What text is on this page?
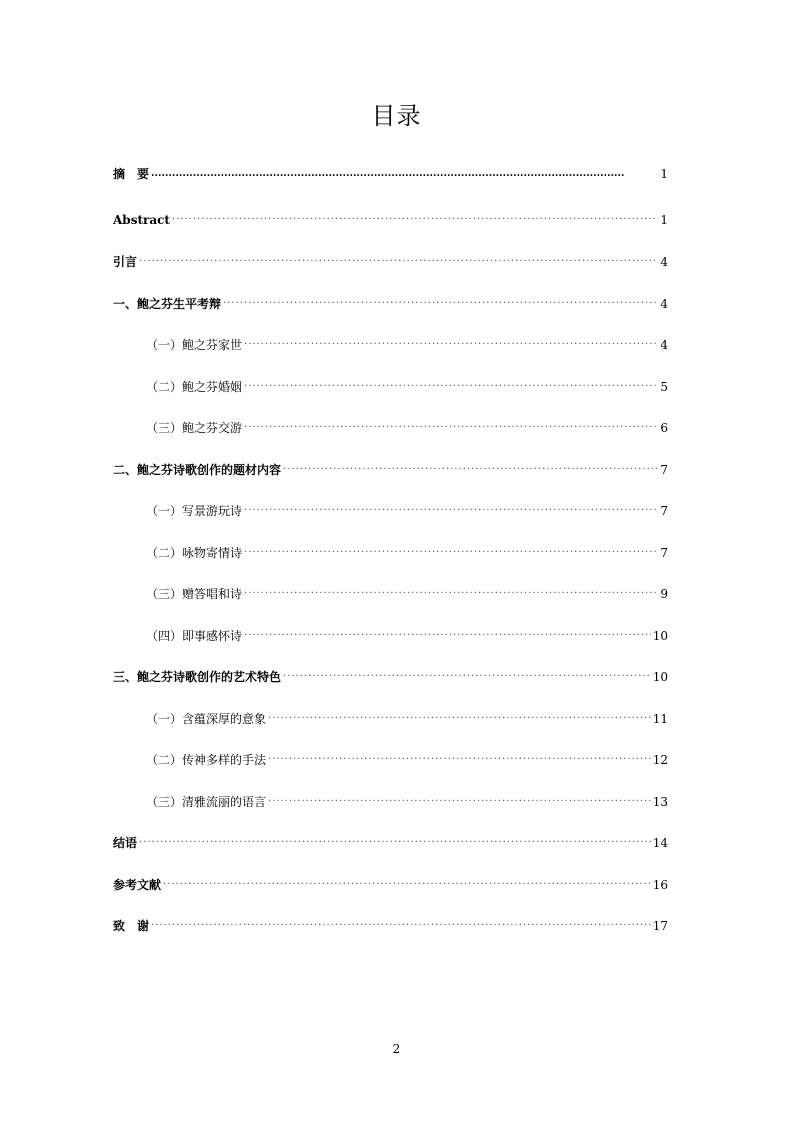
目录
摘　要 .....	1
Abstract ·····	1
引言 ·····	4
一、鲍之芬生平考辩 ·····	4
（一）鲍之芬家世 ·····	4
（二）鲍之芬婚姻 ·····	5
（三）鲍之芬交游 ·····	6
二、鲍之芬诗歌创作的题材内容 ·····	7
（一）写景游玩诗 ·····	7
（二）咏物寄情诗 ·····	7
（三）赠答唱和诗 ·····	9
（四）即事感怀诗 ·····	10
三、鲍之芬诗歌创作的艺术特色 ·····	10
（一）含蕴深厚的意象 ·····	11
（二）传神多样的手法 ·····	12
（三）清雅流丽的语言 ·····	13
结语 ·····	14
参考文献 ·····	16
致　谢 ·····	17
2
